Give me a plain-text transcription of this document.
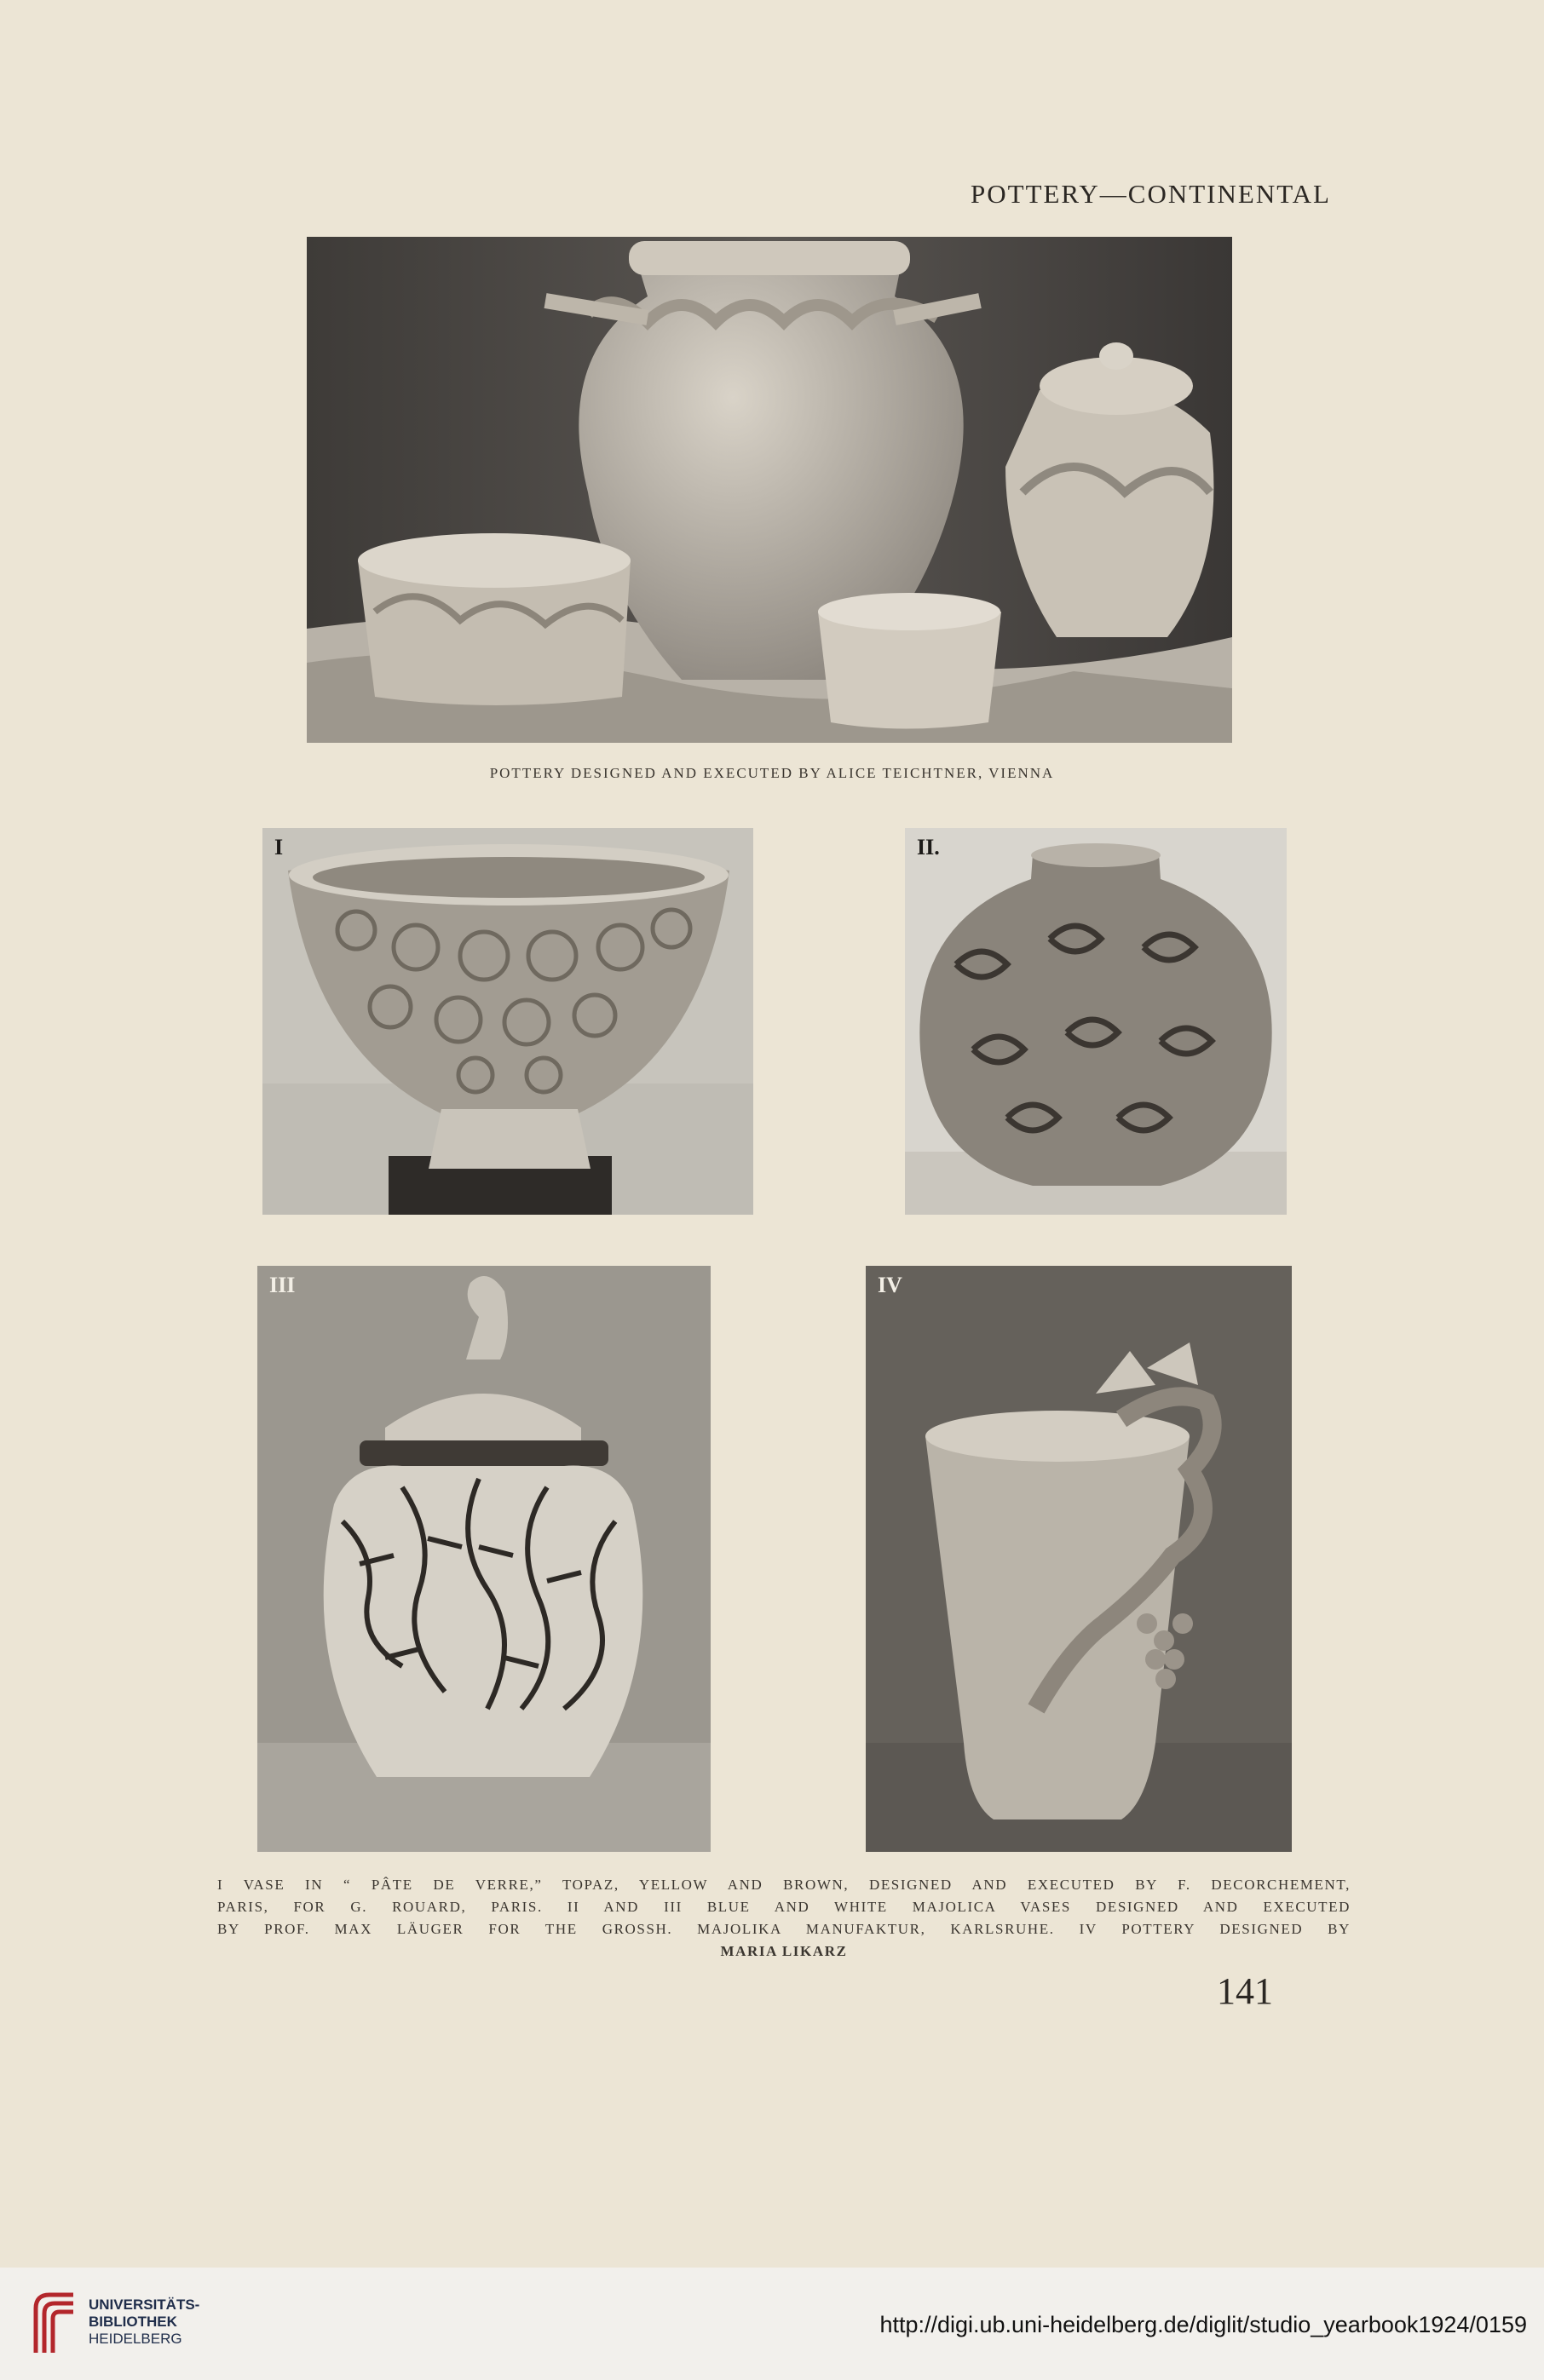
POTTERY—CONTINENTAL
POTTERY DESIGNED AND EXECUTED BY ALICE TEICHTNER, VIENNA
I	II.
III	IV
I VASE IN “ PÂTE DE VERRE,” TOPAZ, YELLOW AND BROWN, DESIGNED AND EXECUTED BY F. DECORCHEMENT,
PARIS, FOR G. ROUARD, PARIS. II AND III BLUE AND WHITE MAJOLICA VASES DESIGNED AND EXECUTED
BY PROF. MAX LÄUGER FOR THE GROSSH. MAJOLIKA MANUFAKTUR, KARLSRUHE. IV POTTERY DESIGNED BY
MARIA LIKARZ
141
UNIVERSITÄTS-
BIBLIOTHEK
HEIDELBERG
http://digi.ub.uni-heidelberg.de/diglit/studio_yearbook1924/0159
